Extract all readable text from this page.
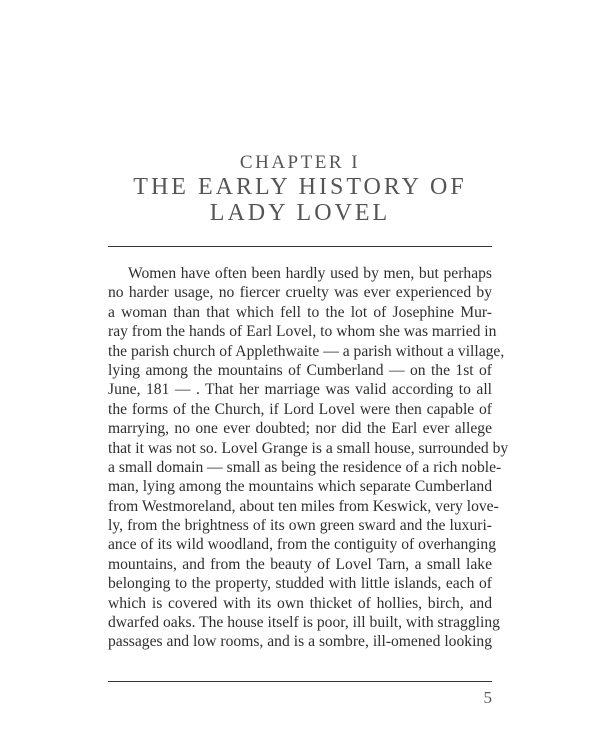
CHAPTER I
THE EARLY HISTORY OF
LADY LOVEL
Women have often been hardly used by men, but perhaps
no harder usage, no fiercer cruelty was ever experienced by
a woman than that which fell to the lot of Josephine Mur-
ray from the hands of Earl Lovel, to whom she was married in
the parish church of Applethwaite — a parish without a village,
lying among the mountains of Cumberland — on the 1st of
June, 181 — . That her marriage was valid according to all
the forms of the Church, if Lord Lovel were then capable of
marrying, no one ever doubted; nor did the Earl ever allege
that it was not so. Lovel Grange is a small house, surrounded by
a small domain — small as being the residence of a rich noble-
man, lying among the mountains which separate Cumberland
from Westmoreland, about ten miles from Keswick, very love-
ly, from the brightness of its own green sward and the luxuri-
ance of its wild woodland, from the contiguity of overhanging
mountains, and from the beauty of Lovel Tarn, a small lake
belonging to the property, studded with little islands, each of
which is covered with its own thicket of hollies, birch, and
dwarfed oaks. The house itself is poor, ill built, with straggling
passages and low rooms, and is a sombre, ill-omened looking
5
